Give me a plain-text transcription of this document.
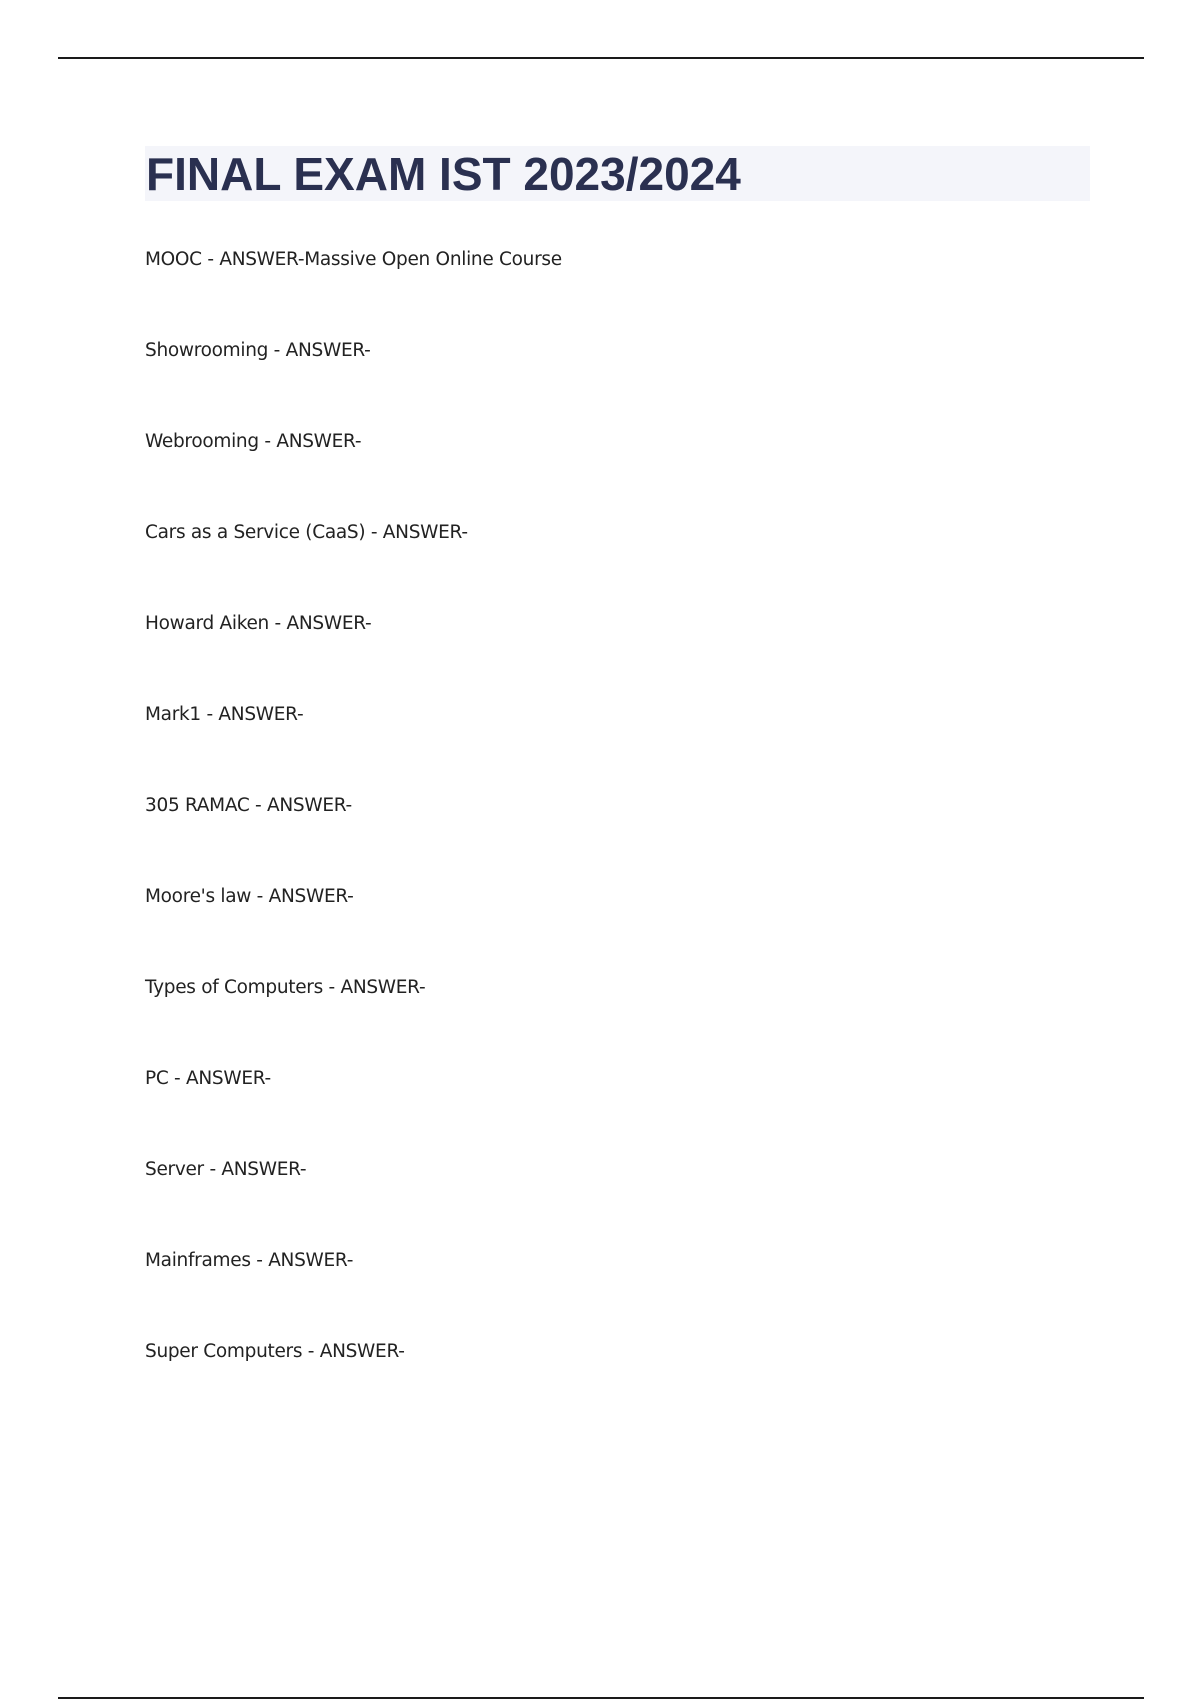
FINAL EXAM IST 2023/2024
MOOC - ANSWER-Massive Open Online Course
Showrooming - ANSWER-
Webrooming - ANSWER-
Cars as a Service (CaaS) - ANSWER-
Howard Aiken - ANSWER-
Mark1 - ANSWER-
305 RAMAC - ANSWER-
Moore's law - ANSWER-
Types of Computers - ANSWER-
PC - ANSWER-
Server - ANSWER-
Mainframes - ANSWER-
Super Computers - ANSWER-
